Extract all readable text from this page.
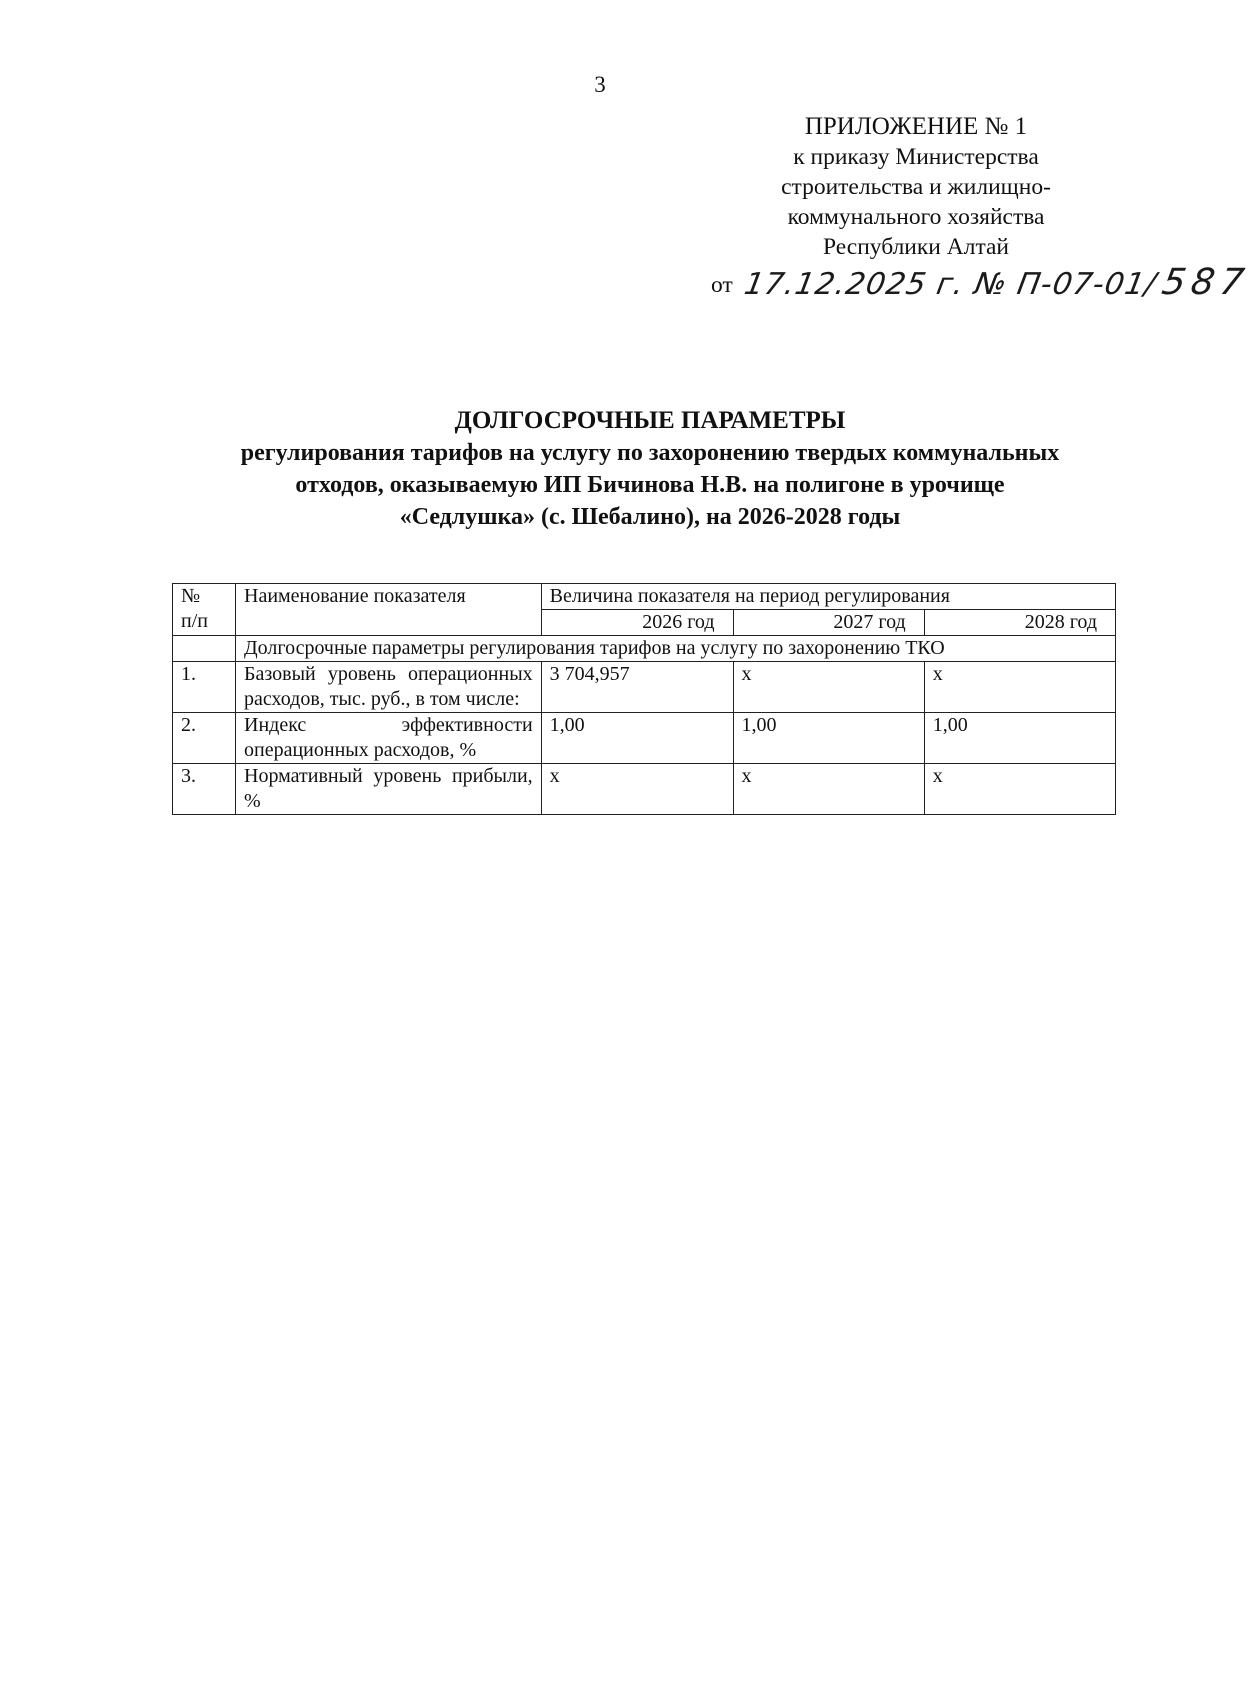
3
ПРИЛОЖЕНИЕ № 1
к приказу Министерства
строительства и жилищно-
коммунального хозяйства
Республики Алтай
от 17.12.2025 г. № П-07-01/587
ДОЛГОСРОЧНЫЕ ПАРАМЕТРЫ
регулирования тарифов на услугу по захоронению твердых коммунальных
отходов, оказываемую ИП Бичинова Н.В. на полигоне в урочище
«Седлушка» (с. Шебалино), на 2026-2028 годы
№
п/п	Наименование показателя	Величина показателя на период регулирования		
		2026 год	2027 год	2028 год
	Долгосрочные параметры регулирования тарифов на услугу по захоронению ТКО			
1.	Базовый уровень операционных расходов, тыс. руб., в том числе:	3 704,957	х	х
2.	Индекс эффективности операционных расходов, %	1,00	1,00	1,00
3.	Нормативный уровень прибыли, %	х	х	х
